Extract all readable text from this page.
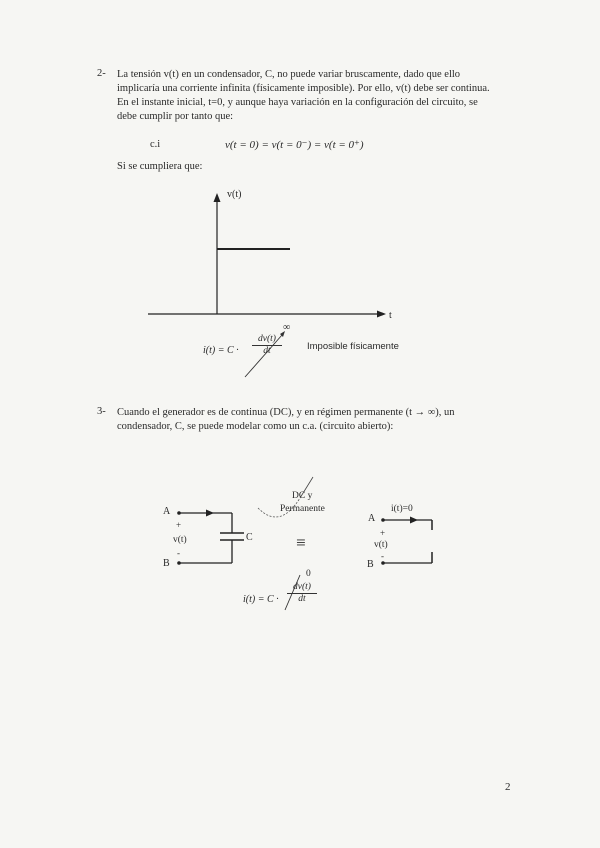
2- La tensión v(t) en un condensador, C, no puede variar bruscamente, dado que ello
implicaría una corriente infinita (físicamente imposible). Por ello, v(t) debe ser continua.
En el instante inicial, t=0, y aunque haya variación en la configuración del circuito, se
debe cumplir por tanto que:
c.i	v(t = 0) = v(t = 0⁻) = v(t = 0⁺)
Si se cumpliera que:
v(t)
t
$i(t) = C \cdot \frac{dv(t)}{dt}$
∞
Imposible físicamente
3- Cuando el generador es de continua (DC), y en régimen permanente (t → ∞), un
condensador, C, se puede modelar como un c.a. (circuito abierto):
A
+
v(t)
-
B
C
DC y
Permanente
≡
i(t)=0
A
+
v(t)
-
B
0
$i(t) = C \cdot \frac{dv(t)}{dt}$
2
